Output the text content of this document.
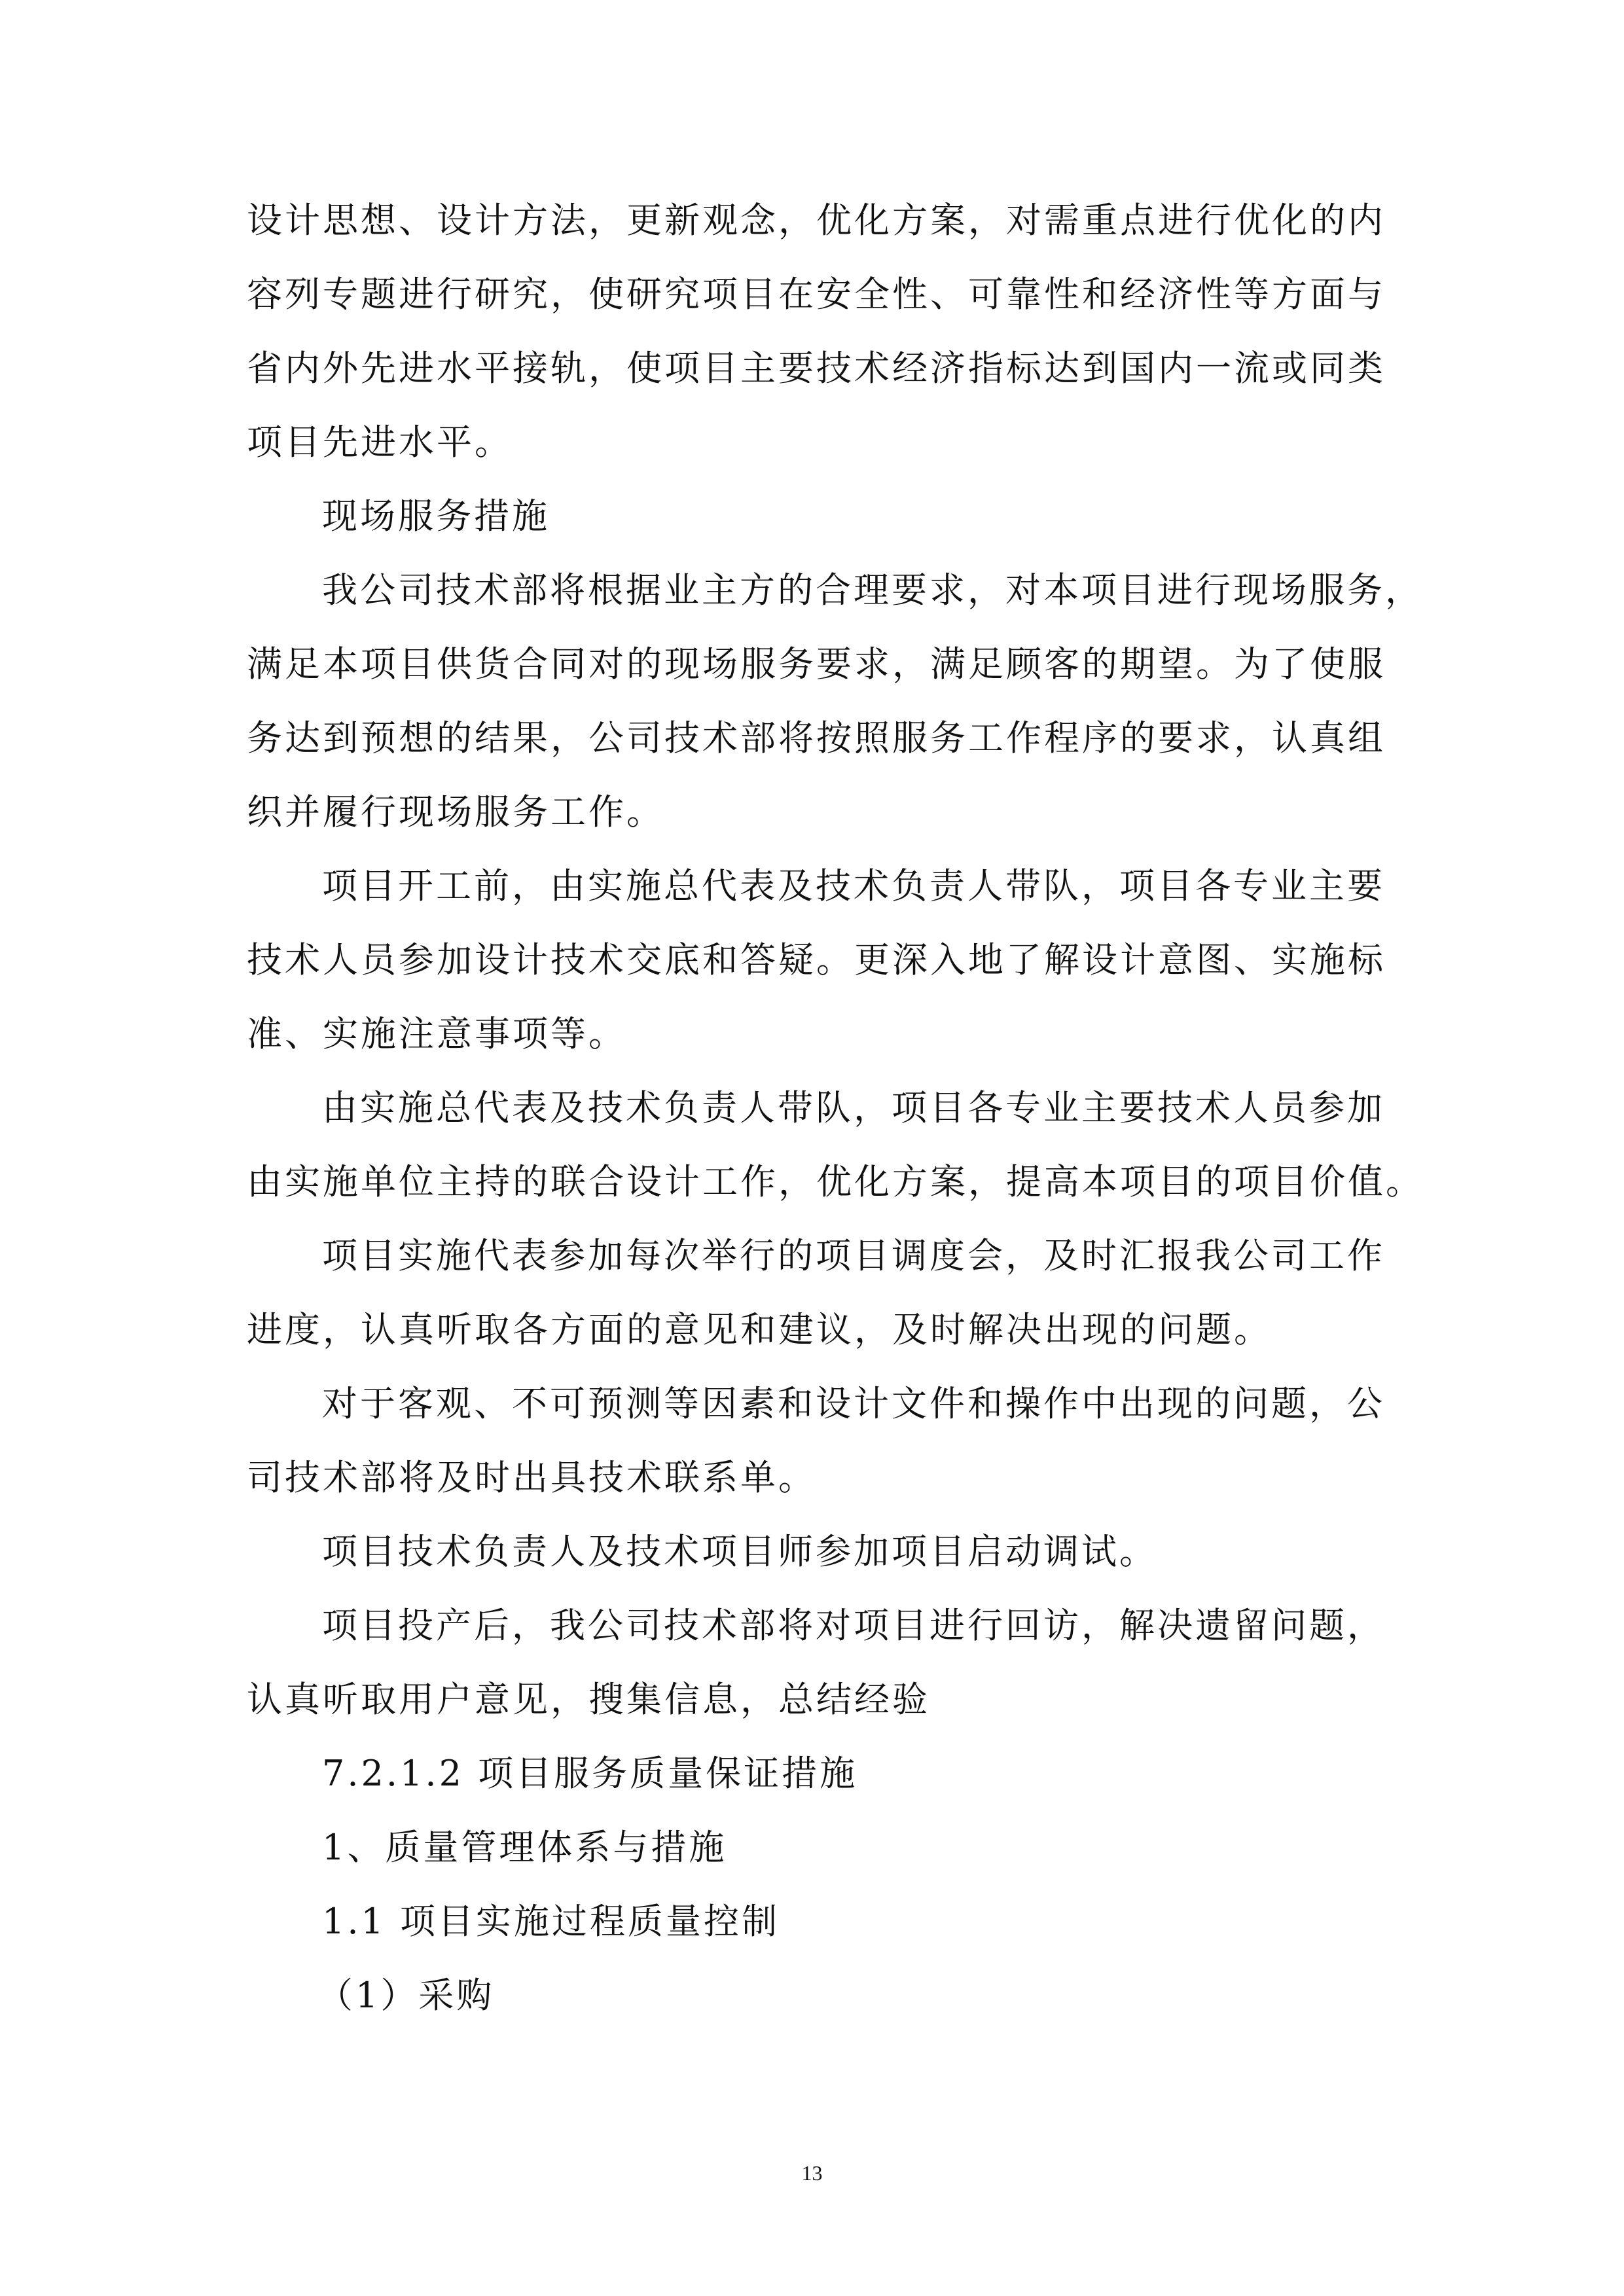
设计思想、设计方法，更新观念，优化方案，对需重点进行优化的内
容列专题进行研究，使研究项目在安全性、可靠性和经济性等方面与
省内外先进水平接轨，使项目主要技术经济指标达到国内一流或同类
项目先进水平。
现场服务措施
我公司技术部将根据业主方的合理要求，对本项目进行现场服务，
满足本项目供货合同对的现场服务要求，满足顾客的期望。为了使服
务达到预想的结果，公司技术部将按照服务工作程序的要求，认真组
织并履行现场服务工作。
项目开工前，由实施总代表及技术负责人带队，项目各专业主要
技术人员参加设计技术交底和答疑。更深入地了解设计意图、实施标
准、实施注意事项等。
由实施总代表及技术负责人带队，项目各专业主要技术人员参加
由实施单位主持的联合设计工作，优化方案，提高本项目的项目价值。
项目实施代表参加每次举行的项目调度会，及时汇报我公司工作
进度，认真听取各方面的意见和建议，及时解决出现的问题。
对于客观、不可预测等因素和设计文件和操作中出现的问题，公
司技术部将及时出具技术联系单。
项目技术负责人及技术项目师参加项目启动调试。
项目投产后，我公司技术部将对项目进行回访，解决遗留问题，
认真听取用户意见，搜集信息，总结经验
7.2.1.2 项目服务质量保证措施
1、质量管理体系与措施
1.1 项目实施过程质量控制
（1）采购
13
